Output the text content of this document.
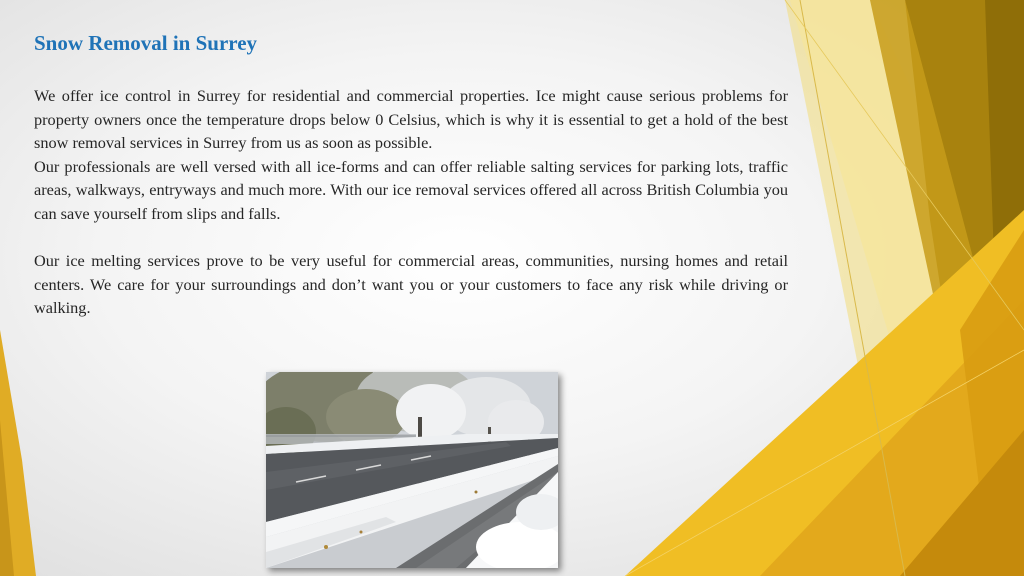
Snow Removal in Surrey

We offer ice control in Surrey for residential and commercial properties. Ice might cause serious problems for property owners once the temperature drops below 0 Celsius, which is why it is essential to get a hold of the best snow removal services in Surrey from us as soon as possible.

Our professionals are well versed with all ice-forms and can offer reliable salting services for parking lots, traffic areas, walkways, entryways and much more. With our ice removal services offered all across British Columbia you can save yourself from slips and falls.

Our ice melting services prove to be very useful for commercial areas, communities, nursing homes and retail centers. We care for your surroundings and don’t want you or your customers to face any risk while driving or walking.
